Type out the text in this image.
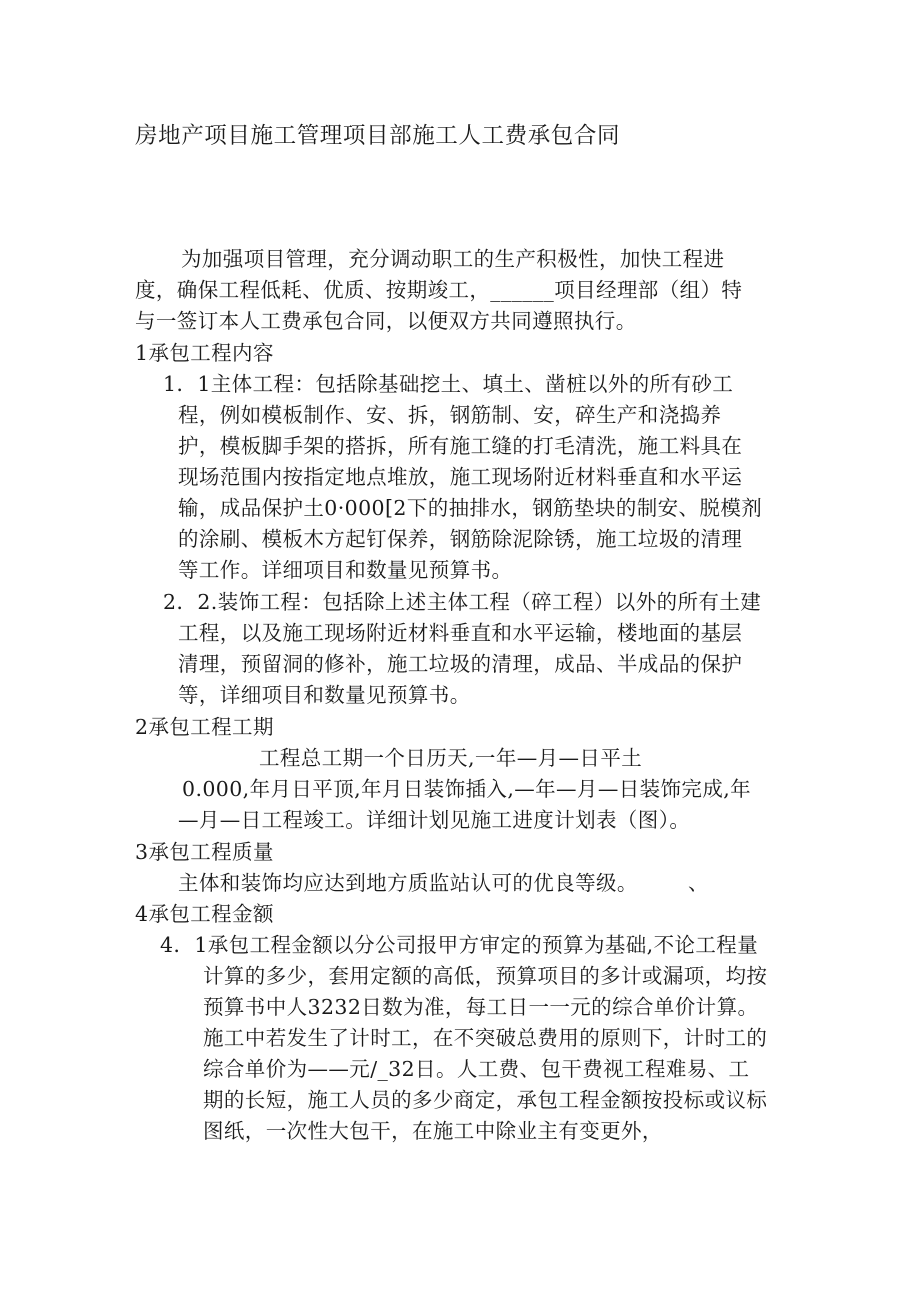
房地产项目施工管理项目部施工人工费承包合同
为加强项目管理，充分调动职工的生产积极性，加快工程进
度，确保工程低耗、优质、按期竣工，______项目经理部（组）特
与一签订本人工费承包合同，以便双方共同遵照执行。
1承包工程内容
1．1主体工程：包括除基础挖土、填土、凿桩以外的所有砂工
程，例如模板制作、安、拆，钢筋制、安，碎生产和浇捣养
护，模板脚手架的搭拆，所有施工缝的打毛清洗，施工料具在
现场范围内按指定地点堆放，施工现场附近材料垂直和水平运
输，成品保护土0·000[2下的抽排水，钢筋垫块的制安、脱模剂
的涂刷、模板木方起钉保养，钢筋除泥除锈，施工垃圾的清理
等工作。详细项目和数量见预算书。
2．2.装饰工程：包括除上述主体工程（碎工程）以外的所有土建
工程，以及施工现场附近材料垂直和水平运输，楼地面的基层
清理，预留洞的修补，施工垃圾的清理，成品、半成品的保护
等，详细项目和数量见预算书。
2承包工程工期
工程总工期一个日历天,一年—月—日平土
0.000,年月日平顶,年月日装饰插入,—年—月—日装饰完成,年
—月—日工程竣工。详细计划见施工进度计划表（图）。
3承包工程质量
主体和装饰均应达到地方质监站认可的优良等级。 、
4承包工程金额
4．1承包工程金额以分公司报甲方审定的预算为基础,不论工程量
计算的多少，套用定额的高低，预算项目的多计或漏项，均按
预算书中人3232日数为准，每工日一一元的综合单价计算。
施工中若发生了计时工，在不突破总费用的原则下，计时工的
综合单价为——元/_32日。人工费、包干费视工程难易、工
期的长短，施工人员的多少商定，承包工程金额按投标或议标
图纸，一次性大包干，在施工中除业主有变更外，
